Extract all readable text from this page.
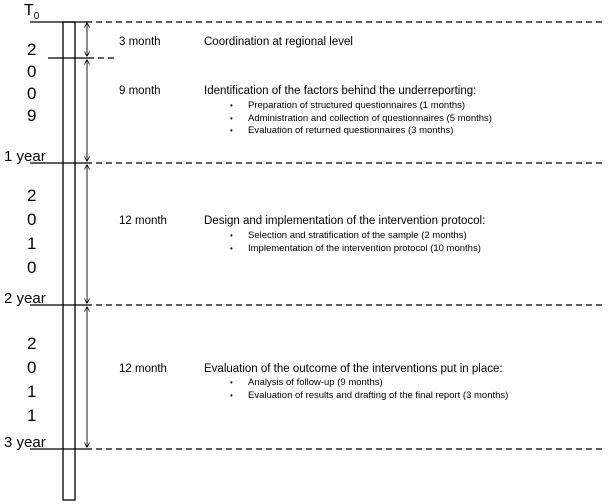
$T_0$
1 year
2 year
3 year
2
0
0
9
2
0
1
0
2
0
1
1
3 month	Coordination at regional level
9 month	Identification of the factors behind the underreporting:
• Preparation of structured questionnaires (1 months)
• Administration and collection of questionnaires (5 months)
• Evaluation of returned questionnaires (3 months)
12 month	Design and implementation of the intervention protocol:
• Selection and stratification of the sample (2 months)
• Implementation of the intervention protocol (10 months)
12 month	Evaluation of the outcome of the interventions put in place:
• Analysis of follow-up (9 months)
• Evaluation of results and drafting of the final report (3 months)
